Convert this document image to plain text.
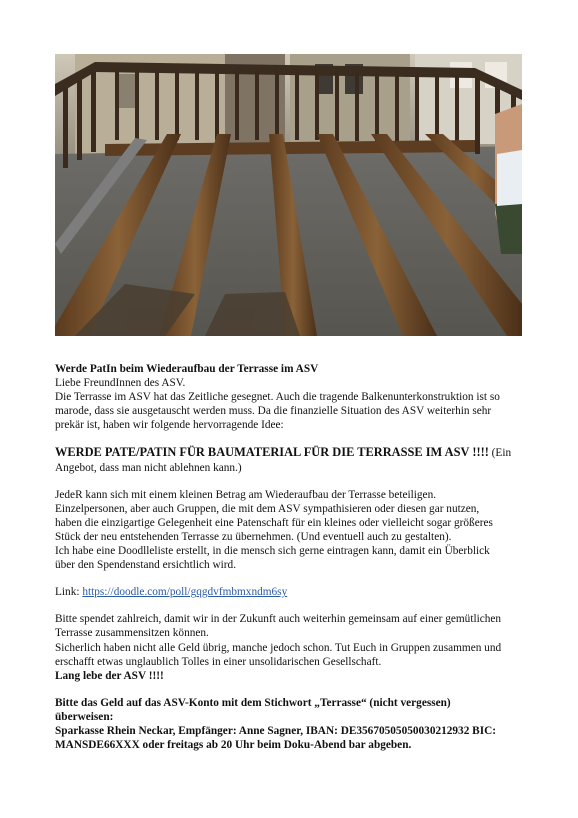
Werde PatIn beim Wiederaufbau der Terrasse im ASV

Liebe FreundInnen des ASV.

Die Terrasse im ASV hat das Zeitliche gesegnet. Auch die tragende Balkenunterkonstruktion ist so

marode, dass sie ausgetauscht werden muss. Da die finanzielle Situation des ASV weiterhin sehr

prekär ist, haben wir folgende hervorragende Idee:

WERDE PATE/PATIN FÜR BAUMATERIAL FÜR DIE TERRASSE IM ASV !!!! (Ein

Angebot, dass man nicht ablehnen kann.)

JedeR kann sich mit einem kleinen Betrag am Wiederaufbau der Terrasse beteiligen.

Einzelpersonen, aber auch Gruppen, die mit dem ASV sympathisieren oder diesen gar nutzen,

haben die einzigartige Gelegenheit eine Patenschaft für ein kleines oder vielleicht sogar größeres

Stück der neu entstehenden Terrasse zu übernehmen. (Und eventuell auch zu gestalten).

Ich habe eine Doodlleliste erstellt, in die mensch sich gerne eintragen kann, damit ein Überblick

über den Spendenstand ersichtlich wird.

Link: https://doodle.com/poll/gqgdvfmbmxndm6sy

Bitte spendet zahlreich, damit wir in der Zukunft auch weiterhin gemeinsam auf einer gemütlichen

Terrasse zusammensitzen können.

Sicherlich haben nicht alle Geld übrig, manche jedoch schon. Tut Euch in Gruppen zusammen und

erschafft etwas unglaublich Tolles in einer unsolidarischen Gesellschaft.

Lang lebe der ASV !!!!

Bitte das Geld auf das ASV-Konto mit dem Stichwort „Terrasse“ (nicht vergessen)

überweisen:

Sparkasse Rhein Neckar, Empfänger: Anne Sagner, IBAN: DE35670505050030212932 BIC:

MANSDE66XXX oder freitags ab 20 Uhr beim Doku-Abend bar abgeben.
